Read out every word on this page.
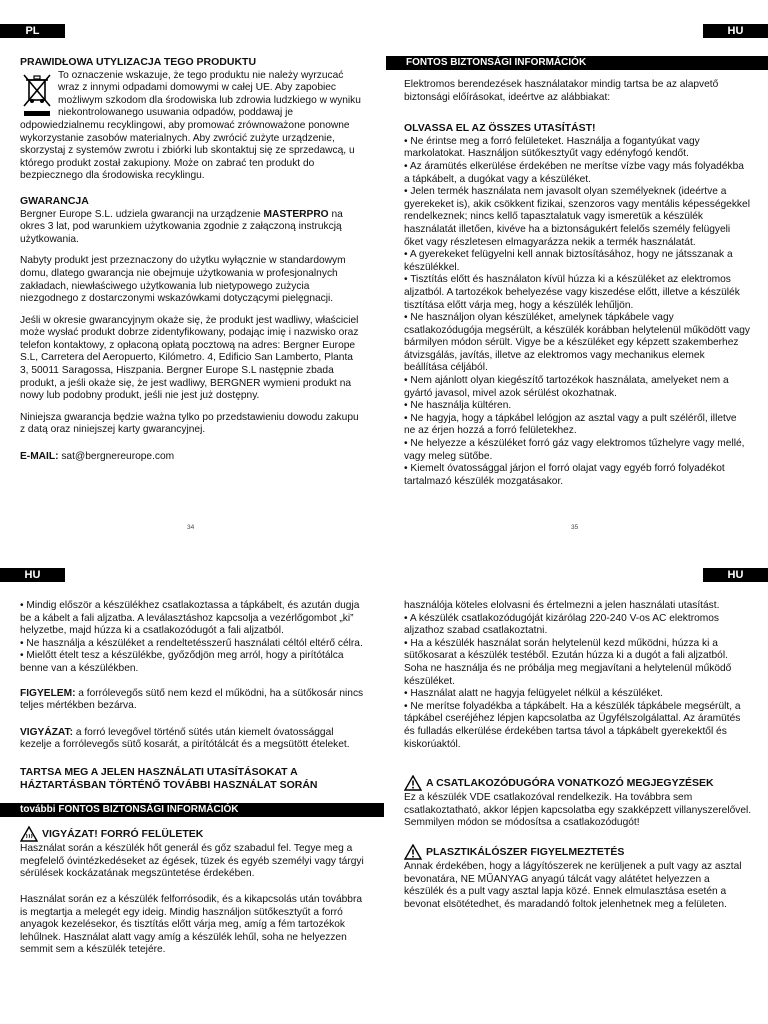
PL	HU
HU	HU
PRAWIDŁOWA UTYLIZACJA TEGO PRODUKTU

To oznaczenie wskazuje, że tego produktu nie należy wyrzucać wraz z innymi odpadami domowymi w całej UE. Aby zapobiec możliwym szkodom dla środowiska lub zdrowia ludzkiego w wyniku niekontrolowanego usuwania odpadów, poddawaj je odpowiedzialnemu recyklingowi, aby promować zrównoważone ponowne wykorzystanie zasobów materialnych. Aby zwrócić zużyte urządzenie, skorzystaj z systemów zwrotu i zbiórki lub skontaktuj się ze sprzedawcą, u którego produkt został zakupiony. Może on zabrać ten produkt do bezpiecznego dla środowiska recyklingu.

GWARANCJA

Bergner Europe S.L. udziela gwarancji na urządzenie MASTERPRO na okres 3 lat, pod warunkiem użytkowania zgodnie z załączoną instrukcją użytkowania.

Nabyty produkt jest przeznaczony do użytku wyłącznie w standardowym domu, dlatego gwarancja nie obejmuje użytkowania w profesjonalnych zakładach, niewłaściwego użytkowania lub nietypowego zużycia niezgodnego z dostarczonymi wskazówkami dotyczącymi pielęgnacji.

Jeśli w okresie gwarancyjnym okaże się, że produkt jest wadliwy, właściciel może wysłać produkt dobrze zidentyfikowany, podając imię i nazwisko oraz telefon kontaktowy, z opłaconą opłatą pocztową na adres: Bergner Europe S.L, Carretera del Aeropuerto, Kilómetro. 4, Edificio San Lamberto, Planta 3, 50011 Saragossa, Hiszpania. Bergner Europe S.L następnie zbada produkt, a jeśli okaże się, że jest wadliwy, BERGNER wymieni produkt na nowy lub podobny produkt, jeśli nie jest już dostępny.

Niniejsza gwarancja będzie ważna tylko po przedstawieniu dowodu zakupu z datą oraz niniejszej karty gwarancyjnej.

E-MAIL: sat@bergnereurope.com

34
FONTOS BIZTONSÁGI INFORMÁCIÓK

Elektromos berendezések használatakor mindig tartsa be az alapvető biztonsági előírásokat, ideértve az alábbiakat:

OLVASSA EL AZ ÖSSZES UTASÍTÁST!
• Ne érintse meg a forró felületeket. Használja a fogantyúkat vagy markolatokat. Használjon sütőkesztyűt vagy edényfogó kendőt.
• Az áramütés elkerülése érdekében ne merítse vízbe vagy más folyadékba a tápkábelt, a dugókat vagy a készüléket.
• Jelen termék használata nem javasolt olyan személyeknek (ideértve a gyerekeket is), akik csökkent fizikai, szenzoros vagy mentális képességekkel rendelkeznek; nincs kellő tapasztalatuk vagy ismeretük a készülék használatát illetően, kivéve ha a biztonságukért felelős személy felügyeli őket vagy részletesen elmagyarázza nekik a termék használatát.
• A gyerekeket felügyelni kell annak biztosításához, hogy ne játsszanak a készülékkel.
• Tisztítás előtt és használaton kívül húzza ki a készüléket az elektromos aljzatból. A tartozékok behelyezése vagy kiszedése előtt, illetve a készülék tisztítása előtt várja meg, hogy a készülék lehűljön.
• Ne használjon olyan készüléket, amelynek tápkábele vagy csatlakozódugója megsérült, a készülék korábban helytelenül működött vagy bármilyen módon sérült. Vigye be a készüléket egy képzett szakemberhez átvizsgálás, javítás, illetve az elektromos vagy mechanikus elemek beállítása céljából.
• Nem ajánlott olyan kiegészítő tartozékok használata, amelyeket nem a gyártó javasol, mivel azok sérülést okozhatnak.
• Ne használja kültéren.
• Ne hagyja, hogy a tápkábel lelógjon az asztal vagy a pult széléről, illetve ne az érjen hozzá a forró felületekhez.
• Ne helyezze a készüléket forró gáz vagy elektromos tűzhelyre vagy mellé, vagy meleg sütőbe.
• Kiemelt óvatossággal járjon el forró olajat vagy egyéb forró folyadékot tartalmazó készülék mozgatásakor.
35
• Mindig először a készülékhez csatlakoztassa a tápkábelt, és azután dugja be a kábelt a fali aljzatba. A leválasztáshoz kapcsolja a vezérlőgombot „ki” helyzetbe, majd húzza ki a csatlakozódugót a fali aljzatból.
• Ne használja a készüléket a rendeltetésszerű használati céltól eltérő célra.
• Mielőtt ételt tesz a készülékbe, győződjön meg arról, hogy a pirítótálca benne van a készülékben.

FIGYELEM: a forrólevegős sütő nem kezd el működni, ha a sütőkosár nincs teljes mértékben bezárva.

VIGYÁZAT: a forró levegővel történő sütés után kiemelt óvatossággal kezelje a forrólevegős sütő kosarát, a pirítótálcát és a megsütött ételeket.

TARTSA MEG A JELEN HASZNÁLATI UTASÍTÁSOKAT A HÁZTARTÁSBAN TÖRTÉNŐ TOVÁBBI HASZNÁLAT SORÁN
további FONTOS BIZTONSÁGI INFORMÁCIÓK
VIGYÁZAT! FORRÓ FELÜLETEK

Használat során a készülék hőt generál és gőz szabadul fel. Tegye meg a megfelelő óvintézkedéseket az égések, tüzek és egyéb személyi vagy tárgyi sérülések kockázatának megszüntetése érdekében.

Használat során ez a készülék felforrósodik, és a kikapcsolás után továbbra is megtartja a melegét egy ideig. Mindig használjon sütőkesztyűt a forró anyagok kezelésekor, és tisztítás előtt várja meg, amíg a fém tartozékok lehűlnek. Használat alatt vagy amíg a készülék lehűl, soha ne helyezzen semmit sem a készülék tetejére.

használója köteles elolvasni és értelmezni a jelen használati utasítást.
• A készülék csatlakozódugóját kizárólag 220-240 V-os AC elektromos aljzathoz szabad csatlakoztatni.
• Ha a készülék használat során helytelenül kezd működni, húzza ki a sütőkosarat a készülék testéből. Ezután húzza ki a dugót a fali aljzatból. Soha ne használja és ne próbálja meg megjavítani a helytelenül működő készüléket.
• Használat alatt ne hagyja felügyelet nélkül a készüléket.
• Ne merítse folyadékba a tápkábelt. Ha a készülék tápkábele megsérült, a tápkábel cseréjéhez lépjen kapcsolatba az Ügyfélszolgálattal. Az áramütés és fulladás elkerülése érdekében tartsa távol a tápkábelt gyerekektől és kiskorúaktól.
A CSATLAKOZÓDUGÓRA VONATKOZÓ MEGJEGYZÉSEK
Ez a készülék VDE csatlakozóval rendelkezik. Ha továbbra sem csatlakoztatható, akkor lépjen kapcsolatba egy szakképzett villanyszerelővel.
Semmilyen módon se módosítsa a csatlakozódugót!
PLASZTIKÁLÓSZER FIGYELMEZTETÉS
Annak érdekében, hogy a lágyítószerek ne kerüljenek a pult vagy az asztal bevonatára, NE MŰANYAG anyagú tálcát vagy alátétet helyezzen a készülék és a pult vagy asztal lapja közé. Ennek elmulasztása esetén a bevonat elsötétedhet, és maradandó foltok jelenhetnek meg a felületen.
